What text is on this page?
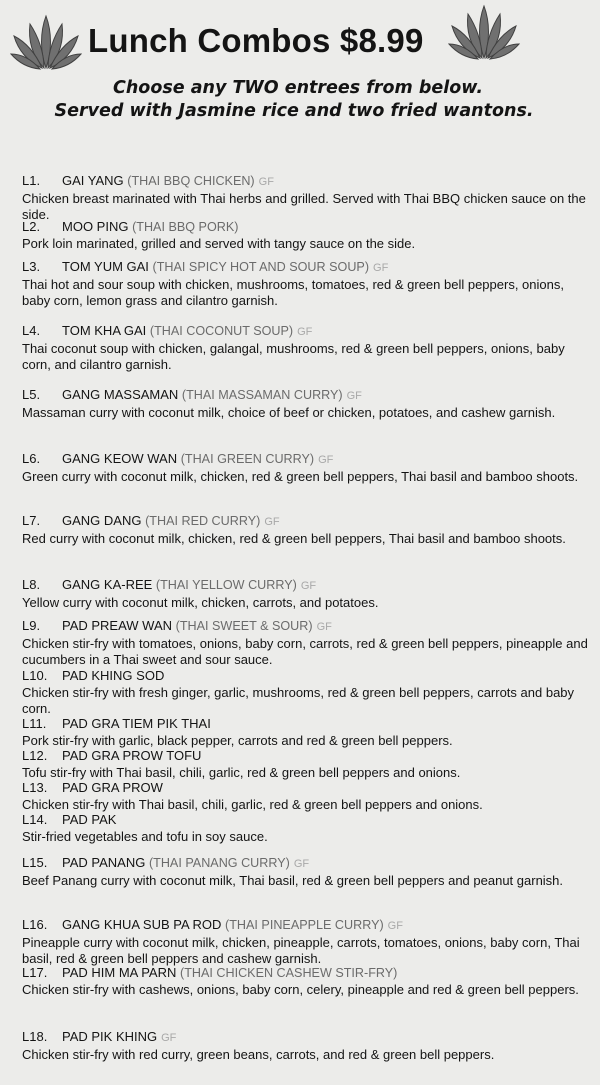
Lunch Combos $8.99
Choose any TWO entrees from below.
Served with Jasmine rice and two fried wantons.
L1. GAI YANG (THAI BBQ CHICKEN) GF
Chicken breast marinated with Thai herbs and grilled. Served with Thai BBQ chicken sauce on the side.
L2. MOO PING (THAI BBQ PORK)
Pork loin marinated, grilled and served with tangy sauce on the side.
L3. TOM YUM GAI (THAI SPICY HOT AND SOUR SOUP) GF
Thai hot and sour soup with chicken, mushrooms, tomatoes, red & green bell peppers, onions, baby corn, lemon grass and cilantro garnish.
L4. TOM KHA GAI (THAI COCONUT SOUP) GF
Thai coconut soup with chicken, galangal, mushrooms, red & green bell peppers, onions, baby corn, and cilantro garnish.
L5. GANG MASSAMAN (THAI MASSAMAN CURRY) GF
Massaman curry with coconut milk, choice of beef or chicken, potatoes, and cashew garnish.
L6. GANG KEOW WAN (THAI GREEN CURRY) GF
Green curry with coconut milk, chicken, red & green bell peppers, Thai basil and bamboo shoots.
L7. GANG DANG (THAI RED CURRY) GF
Red curry with coconut milk, chicken, red & green bell peppers, Thai basil and bamboo shoots.
L8. GANG KA-REE (THAI YELLOW CURRY) GF
Yellow curry with coconut milk, chicken, carrots, and potatoes.
L9. PAD PREAW WAN (THAI SWEET & SOUR) GF
Chicken stir-fry with tomatoes, onions, baby corn, carrots, red & green bell peppers, pineapple and cucumbers in a Thai sweet and sour sauce.
L10. PAD KHING SOD
Chicken stir-fry with fresh ginger, garlic, mushrooms, red & green bell peppers, carrots and baby corn.
L11. PAD GRA TIEM PIK THAI
Pork stir-fry with garlic, black pepper, carrots and red & green bell peppers.
L12. PAD GRA PROW TOFU
Tofu stir-fry with Thai basil, chili, garlic, red & green bell peppers and onions.
L13. PAD GRA PROW
Chicken stir-fry with Thai basil, chili, garlic, red & green bell peppers and onions.
L14. PAD PAK
Stir-fried vegetables and tofu in soy sauce.
L15. PAD PANANG (THAI PANANG CURRY) GF
Beef Panang curry with coconut milk, Thai basil, red & green bell peppers and peanut garnish.
L16. GANG KHUA SUB PA ROD (THAI PINEAPPLE CURRY) GF
Pineapple curry with coconut milk, chicken, pineapple, carrots, tomatoes, onions, baby corn, Thai basil, red & green bell peppers and cashew garnish.
L17. PAD HIM MA PARN (THAI CHICKEN CASHEW STIR-FRY)
Chicken stir-fry with cashews, onions, baby corn, celery, pineapple and red & green bell peppers.
L18. PAD PIK KHING GF
Chicken stir-fry with red curry, green beans, carrots, and red & green bell peppers.
